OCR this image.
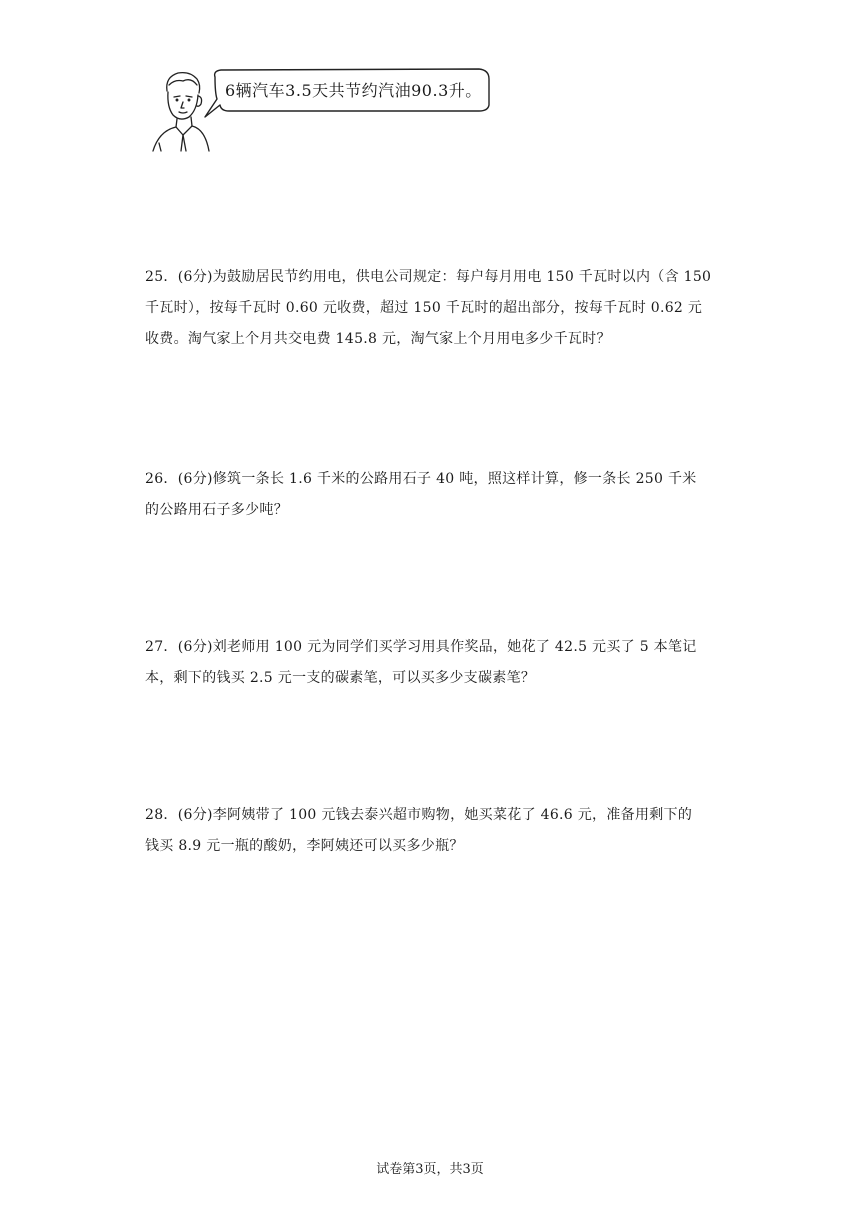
6辆汽车3.5天共节约汽油90.3升。

25．(6分)为鼓励居民节约用电，供电公司规定：每户每月用电 150 千瓦时以内（含 150

千瓦时），按每千瓦时 0.60 元收费，超过 150 千瓦时的超出部分，按每千瓦时 0.62 元

收费。淘气家上个月共交电费 145.8 元，淘气家上个月用电多少千瓦时？

26．(6分)修筑一条长 1.6 千米的公路用石子 40 吨，照这样计算，修一条长 250 千米

的公路用石子多少吨？

27．(6分)刘老师用 100 元为同学们买学习用具作奖品，她花了 42.5 元买了 5 本笔记

本，剩下的钱买 2.5 元一支的碳素笔，可以买多少支碳素笔？

28．(6分)李阿姨带了 100 元钱去泰兴超市购物，她买菜花了 46.6 元，准备用剩下的

钱买 8.9 元一瓶的酸奶，李阿姨还可以买多少瓶？

试卷第3页，共3页
